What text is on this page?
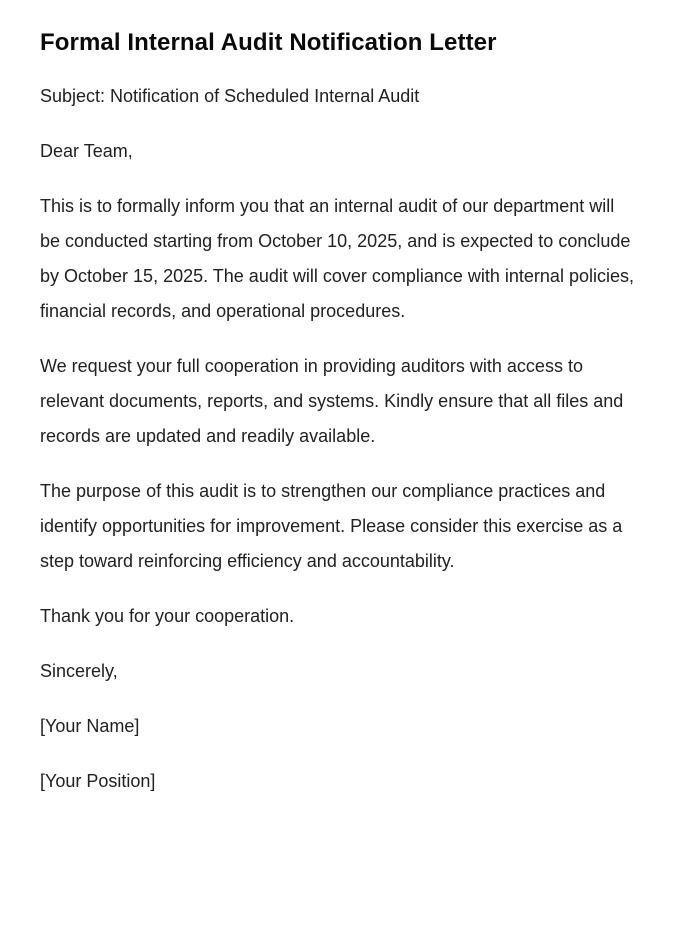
Formal Internal Audit Notification Letter

Subject: Notification of Scheduled Internal Audit

Dear Team,

This is to formally inform you that an internal audit of our department will be conducted starting from October 10, 2025, and is expected to conclude by October 15, 2025. The audit will cover compliance with internal policies, financial records, and operational procedures.

We request your full cooperation in providing auditors with access to relevant documents, reports, and systems. Kindly ensure that all files and records are updated and readily available.

The purpose of this audit is to strengthen our compliance practices and identify opportunities for improvement. Please consider this exercise as a step toward reinforcing efficiency and accountability.

Thank you for your cooperation.

Sincerely,

[Your Name]

[Your Position]
